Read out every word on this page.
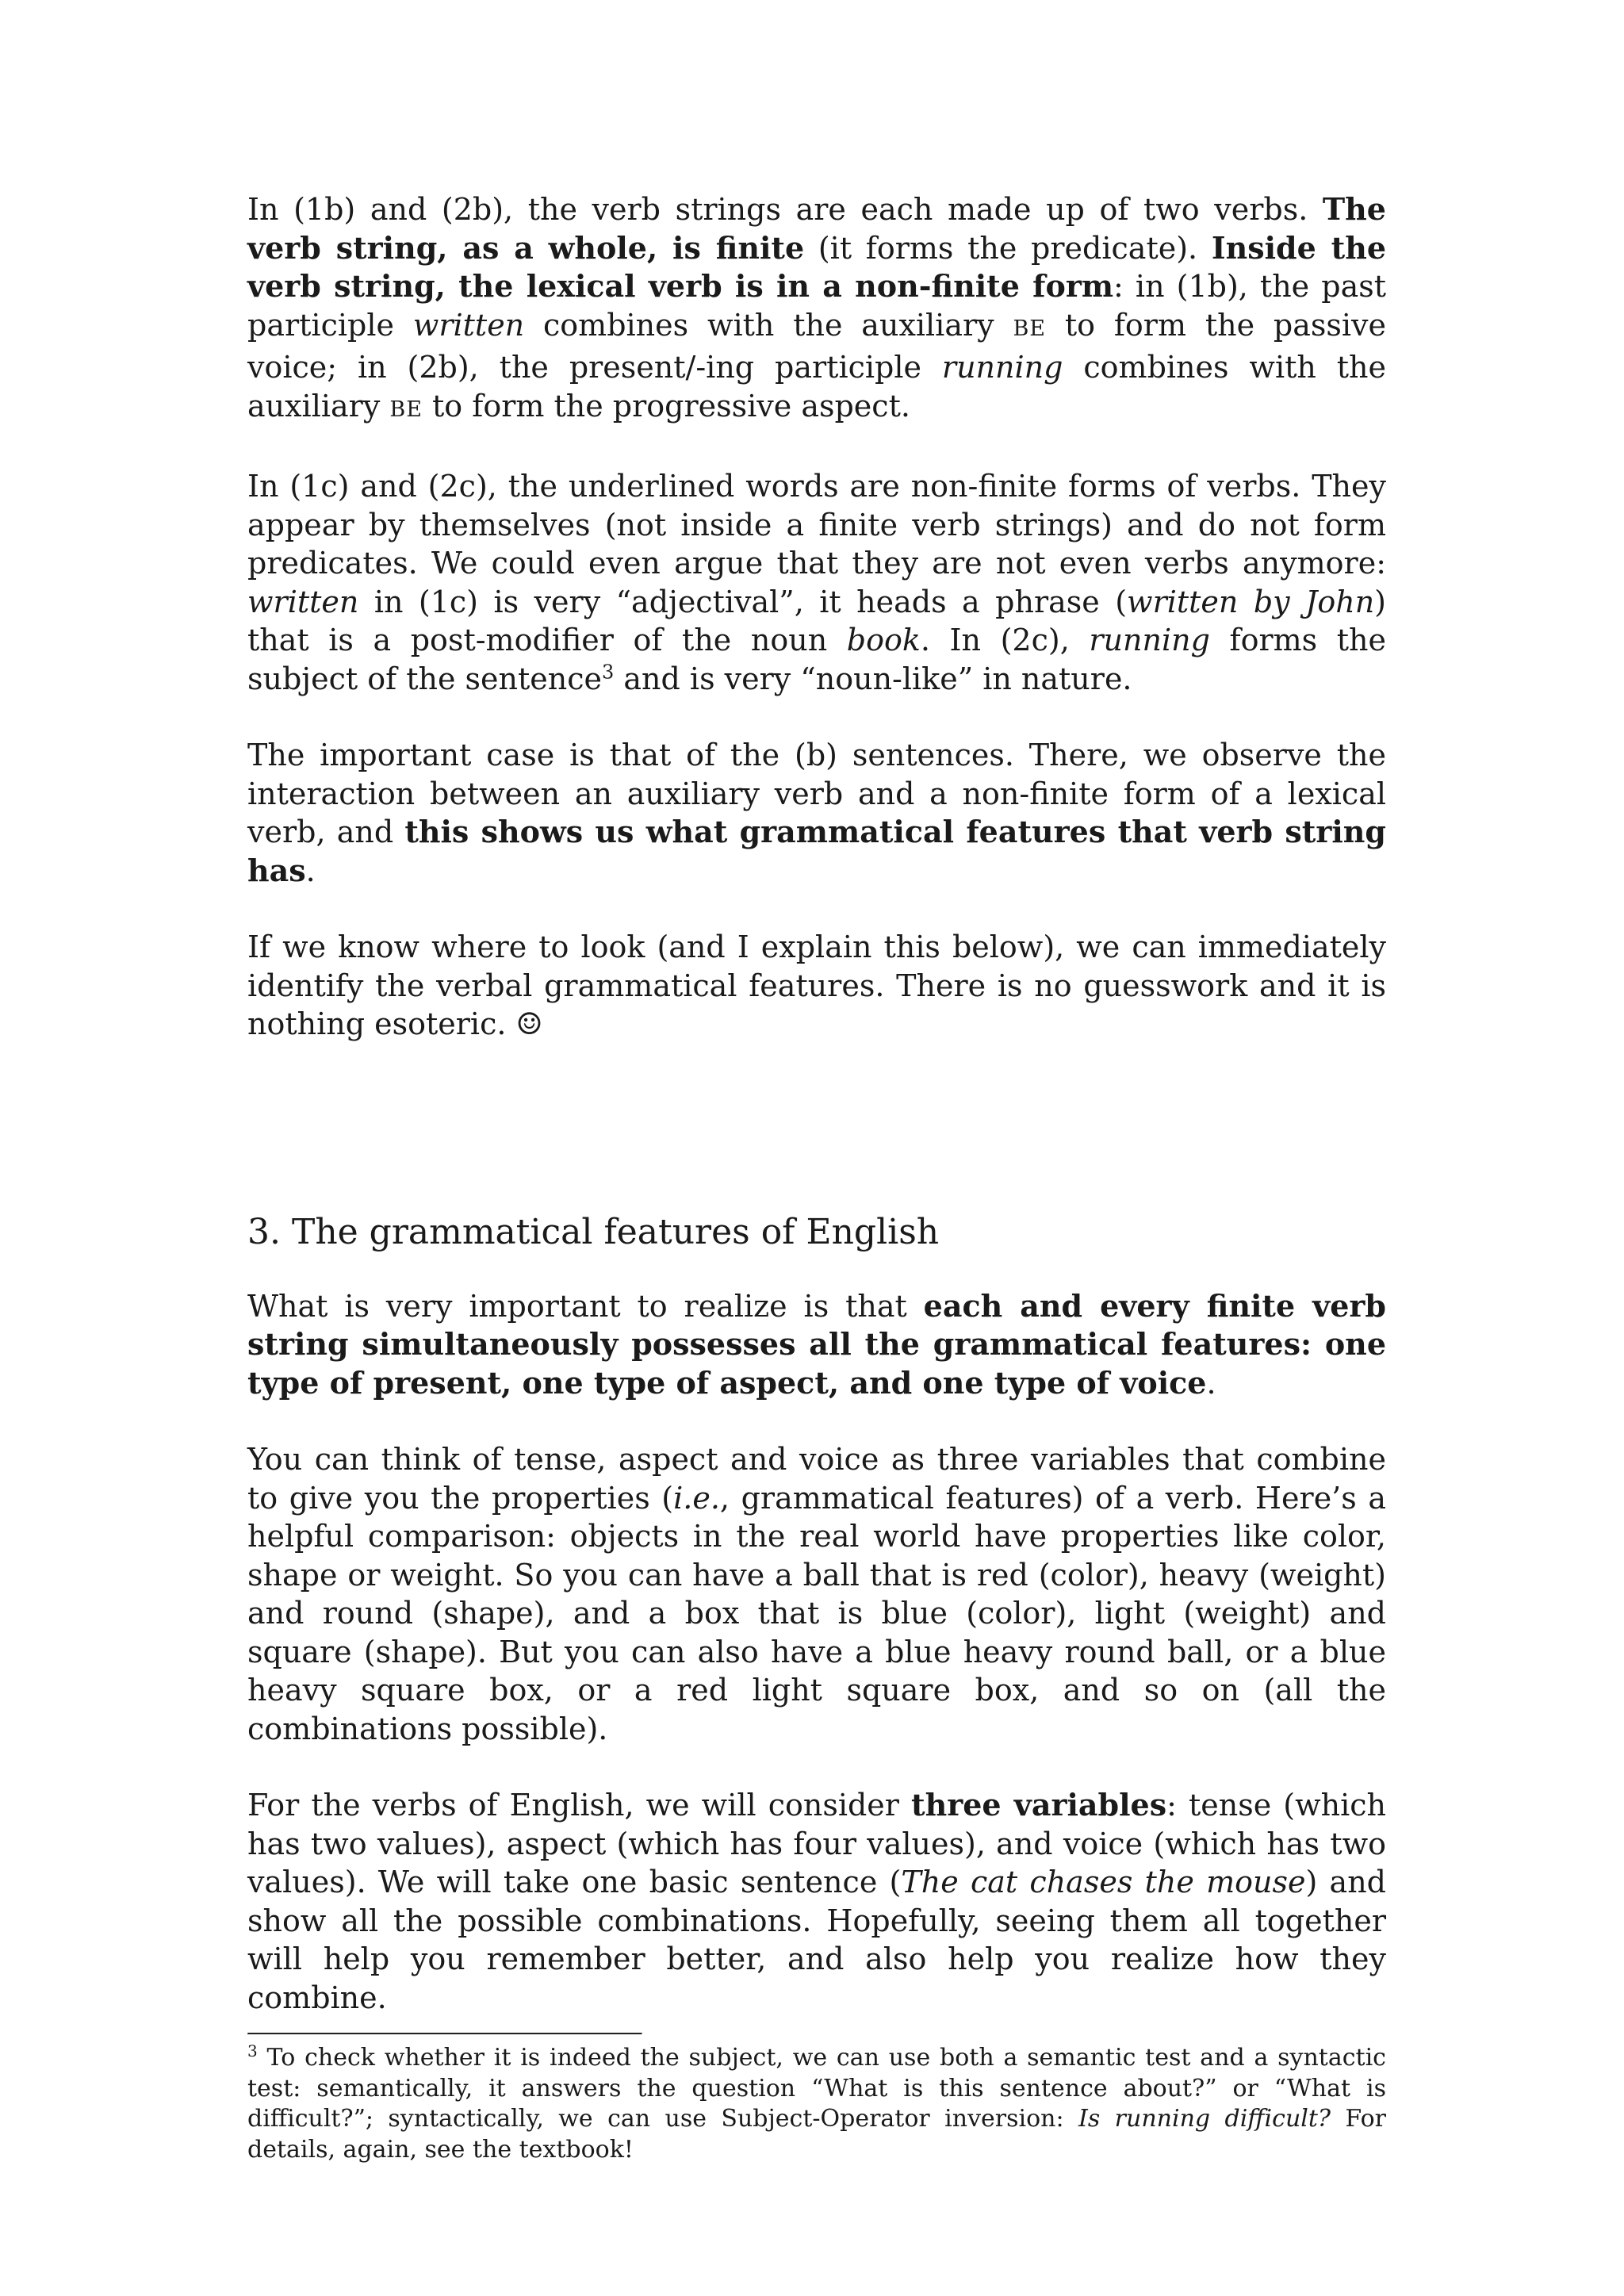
In (1b) and (2b), the verb strings are each made up of two verbs. The verb string, as a whole, is finite (it forms the predicate). Inside the verb string, the lexical verb is in a non-finite form: in (1b), the past participle written combines with the auxiliary BE to form the passive voice; in (2b), the present/-ing participle running combines with the auxiliary BE to form the progressive aspect.

In (1c) and (2c), the underlined words are non-finite forms of verbs. They appear by themselves (not inside a finite verb strings) and do not form predicates. We could even argue that they are not even verbs anymore: written in (1c) is very “adjectival”, it heads a phrase (written by John) that is a post-modifier of the noun book. In (2c), running forms the subject of the sentence$^3$ and is very “noun-like” in nature.

The important case is that of the (b) sentences. There, we observe the interaction between an auxiliary verb and a non-finite form of a lexical verb, and this shows us what grammatical features that verb string has.

If we know where to look (and I explain this below), we can immediately identify the verbal grammatical features. There is no guesswork and it is nothing esoteric. ☺

3. The grammatical features of English

What is very important to realize is that each and every finite verb string simultaneously possesses all the grammatical features: one type of present, one type of aspect, and one type of voice.

You can think of tense, aspect and voice as three variables that combine to give you the properties (i.e., grammatical features) of a verb. Here’s a helpful comparison: objects in the real world have properties like color, shape or weight. So you can have a ball that is red (color), heavy (weight) and round (shape), and a box that is blue (color), light (weight) and square (shape). But you can also have a blue heavy round ball, or a blue heavy square box, or a red light square box, and so on (all the combinations possible).

For the verbs of English, we will consider three variables: tense (which has two values), aspect (which has four values), and voice (which has two values). We will take one basic sentence (The cat chases the mouse) and show all the possible combinations. Hopefully, seeing them all together will help you remember better, and also help you realize how they combine.

$^3$ To check whether it is indeed the subject, we can use both a semantic test and a syntactic test: semantically, it answers the question “What is this sentence about?” or “What is difficult?”; syntactically, we can use Subject-Operator inversion: Is running difficult? For details, again, see the textbook!
